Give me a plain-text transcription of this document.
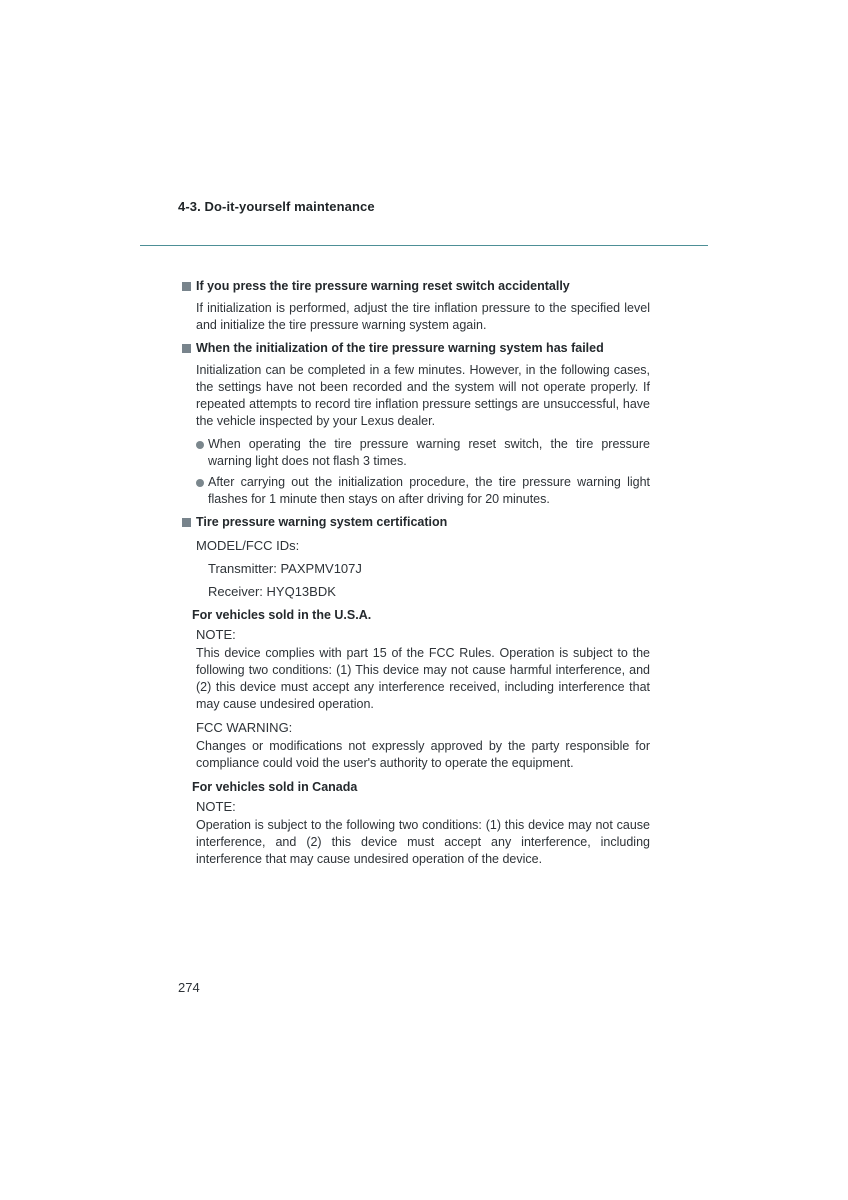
4-3. Do-it-yourself maintenance
If you press the tire pressure warning reset switch accidentally

If initialization is performed, adjust the tire inflation pressure to the specified level and initialize the tire pressure warning system again.

When the initialization of the tire pressure warning system has failed

Initialization can be completed in a few minutes. However, in the following cases, the settings have not been recorded and the system will not operate properly. If repeated attempts to record tire inflation pressure settings are unsuccessful, have the vehicle inspected by your Lexus dealer.

When operating the tire pressure warning reset switch, the tire pressure warning light does not flash 3 times.
After carrying out the initialization procedure, the tire pressure warning light flashes for 1 minute then stays on after driving for 20 minutes.
Tire pressure warning system certification

MODEL/FCC IDs:

Transmitter: PAXPMV107J

Receiver: HYQ13BDK

For vehicles sold in the U.S.A.

NOTE:

This device complies with part 15 of the FCC Rules. Operation is subject to the following two conditions: (1) This device may not cause harmful interference, and (2) this device must accept any interference received, including interference that may cause undesired operation.

FCC WARNING:

Changes or modifications not expressly approved by the party responsible for compliance could void the user's authority to operate the equipment.

For vehicles sold in Canada

NOTE:

Operation is subject to the following two conditions: (1) this device may not cause interference, and (2) this device must accept any interference, including interference that may cause undesired operation of the device.

274
